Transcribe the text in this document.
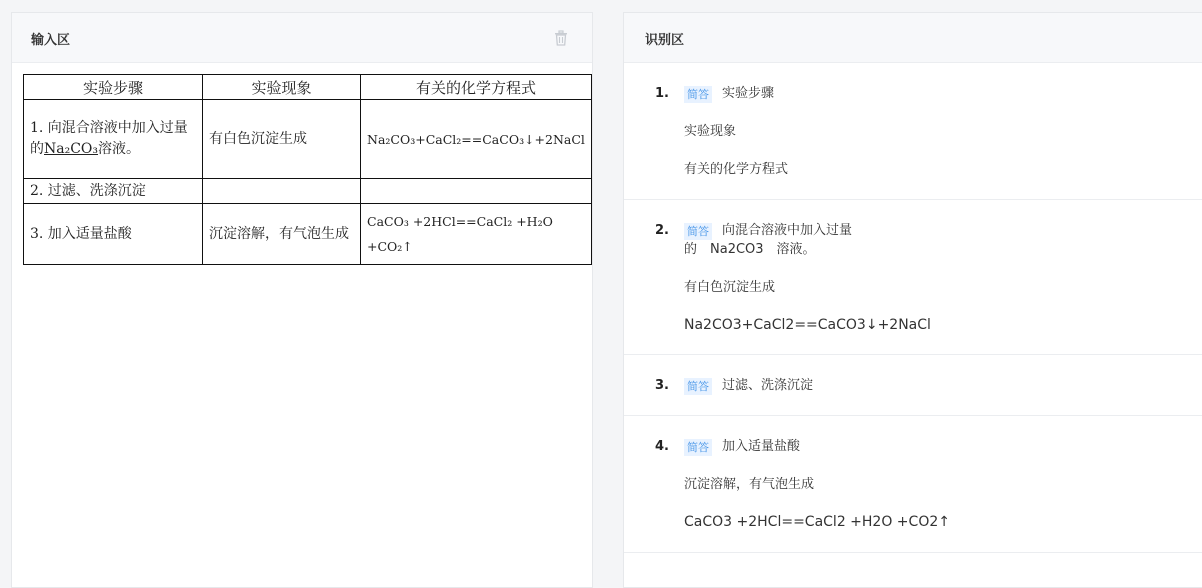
输入区
实验步骤	实验现象	有关的化学方程式
1. 向混合溶液中加入过量的Na₂CO₃溶液。	有白色沉淀生成	Na₂CO₃+CaCl₂==CaCO₃↓+2NaCl
2. 过滤、洗涤沉淀		
3. 加入适量盐酸	沉淀溶解，有气泡生成	CaCO₃ +2HCl==CaCl₂ +H₂O +CO₂↑
识别区
1. 简答 实验步骤
实验现象
有关的化学方程式
2. 简答 向混合溶液中加入过量
的　Na2CO3　溶液。
有白色沉淀生成
Na2CO3+CaCl2==CaCO3↓+2NaCl
3. 简答 过滤、洗涤沉淀
4. 简答 加入适量盐酸
沉淀溶解，有气泡生成
CaCO3 +2HCl==CaCl2 +H2O +CO2↑
